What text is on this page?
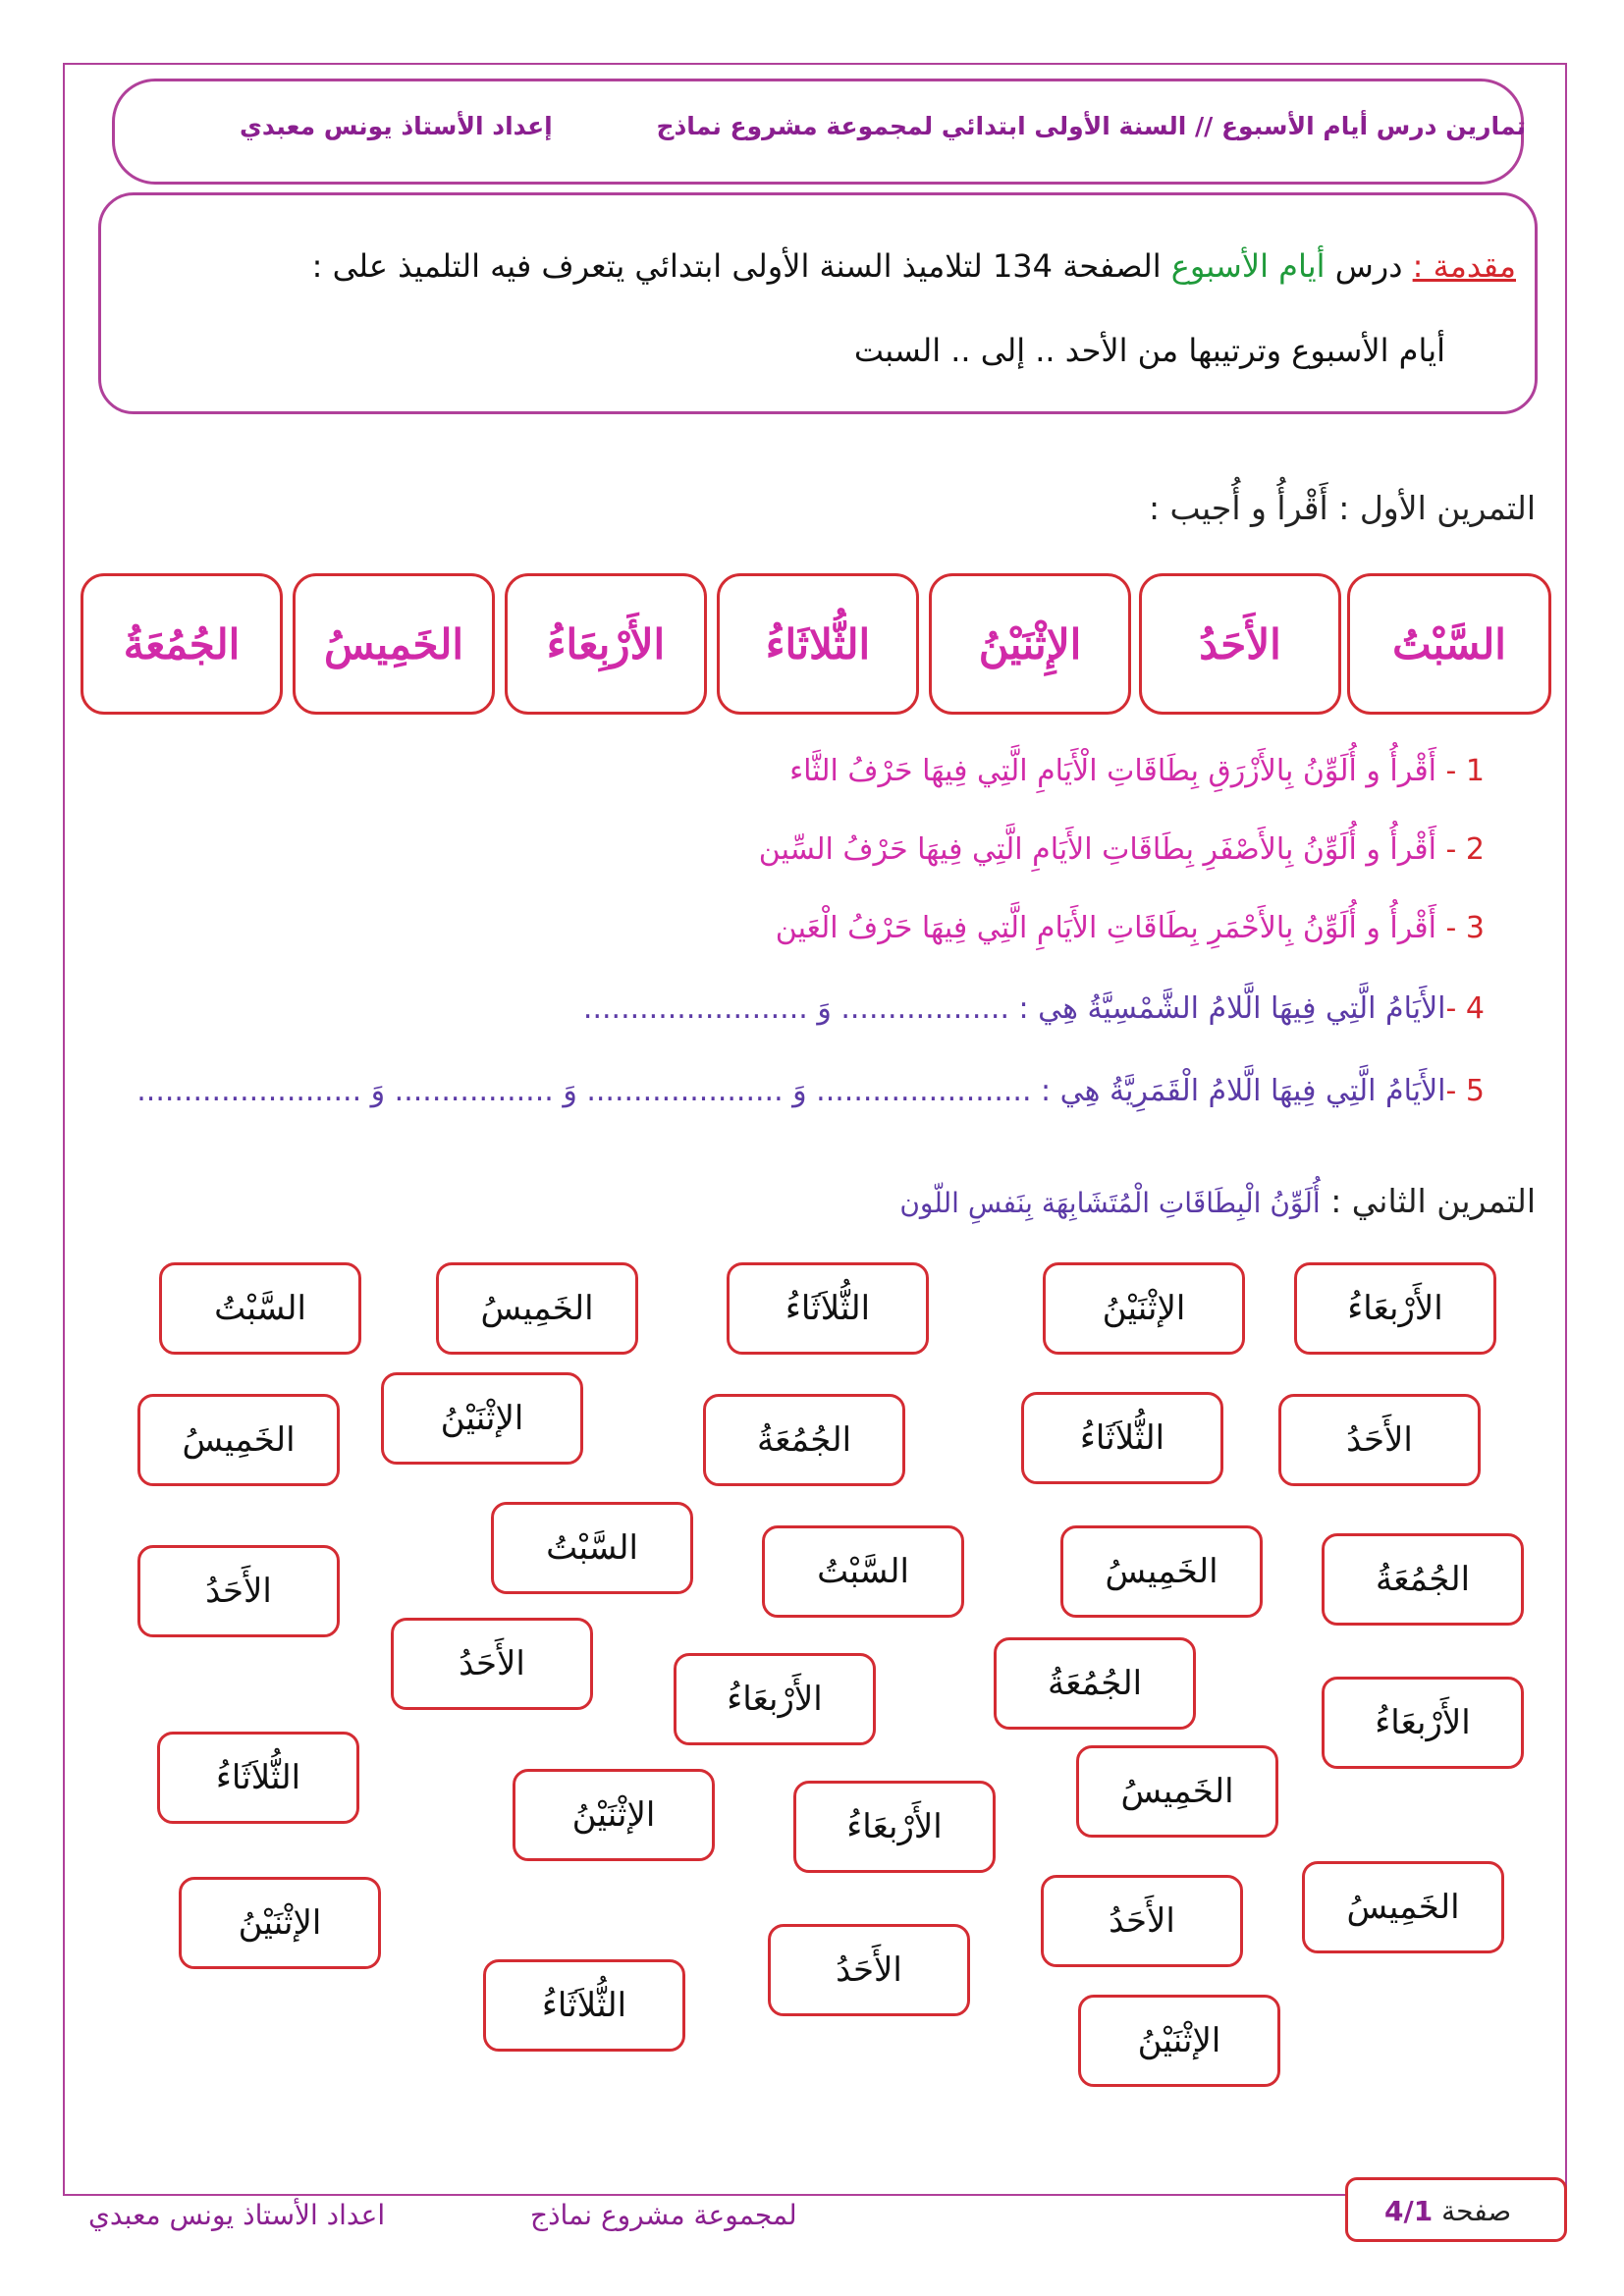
تمارين درس أيام الأسبوع // السنة الأولى ابتدائي لمجموعة مشروع نماذج
إعداد الأستاذ يونس معبدي
مقدمة : درس أيام الأسبوع الصفحة 134 لتلاميذ السنة الأولى ابتدائي يتعرف فيه التلميذ على :
أيام الأسبوع وترتيبها من الأحد .. إلى .. السبت
التمرين الأول : أَقْرأُ و أُجيب :
السَّبْتُ
الأَحَدُ
الإِثْنَيْنُ
الثُّلاثَاءُ
الأَرْبِعَاءُ
الخَمِيسُ
الجُمُعَةُ
1 - أَقْرأُ و أُلَوِّنُ بِالأَزْرَقِ بِطَاقَاتِ الْأَيَامِ الَّتِي فِيهَا حَرْفُ الثَّاء
2 - أَقْرأُ و أُلَوِّنُ بِالأَصْفَرِ بِطَاقَاتِ الأَيَامِ الَّتِي فِيهَا حَرْفُ السِّين
3 - أَقْرأُ و أُلَوِّنُ بِالأَحْمَرِ بِطَاقَاتِ الأَيَامِ الَّتِي فِيهَا حَرْفُ الْعَين
4 -الأَيَامُ الَّتِي فِيهَا الَّلامُ الشَّمْسِيَّةُ هِي : .................. وَ ........................
5 -الأَيَامُ الَّتِي فِيهَا الَّلامُ الْقَمَرِيَّةُ هِي : ....................... وَ ..................... وَ ................. وَ ........................
التمرين الثاني : أُلَوِّنُ الْبِطَاقَاتِ الْمُتَشَابِهَة بِنَفسِ اللّون
الأَرْبعَاءُ
الإثْنَيْنُ
الثُّلاَثَاءُ
الخَمِيسُ
السَّبْتُ
الأَحَدُ
الثُّلاَثَاءُ
الجُمُعَةُ
الإثْنَيْنُ
الخَمِيسُ
الجُمُعَةُ
الخَمِيسُ
السَّبْتُ
السَّبْتُ
الأَحَدُ
الأَحَدُ	الجُمُعَةُ
الأَرْبعَاءُ
الأَرْبعَاءُ
الخَمِيسُ
الأَرْبعَاءُ
الإثْنَيْنُ
الثُّلاَثَاءُ
الخَمِيسُ
الأَحَدُ
الإثْنَيْنُ
الأَحَدُ
الثُّلاَثَاءُ
الإثْنَيْنُ
صفحة 4/1
لمجموعة مشروع نماذج
اعداد الأستاذ يونس معبدي
